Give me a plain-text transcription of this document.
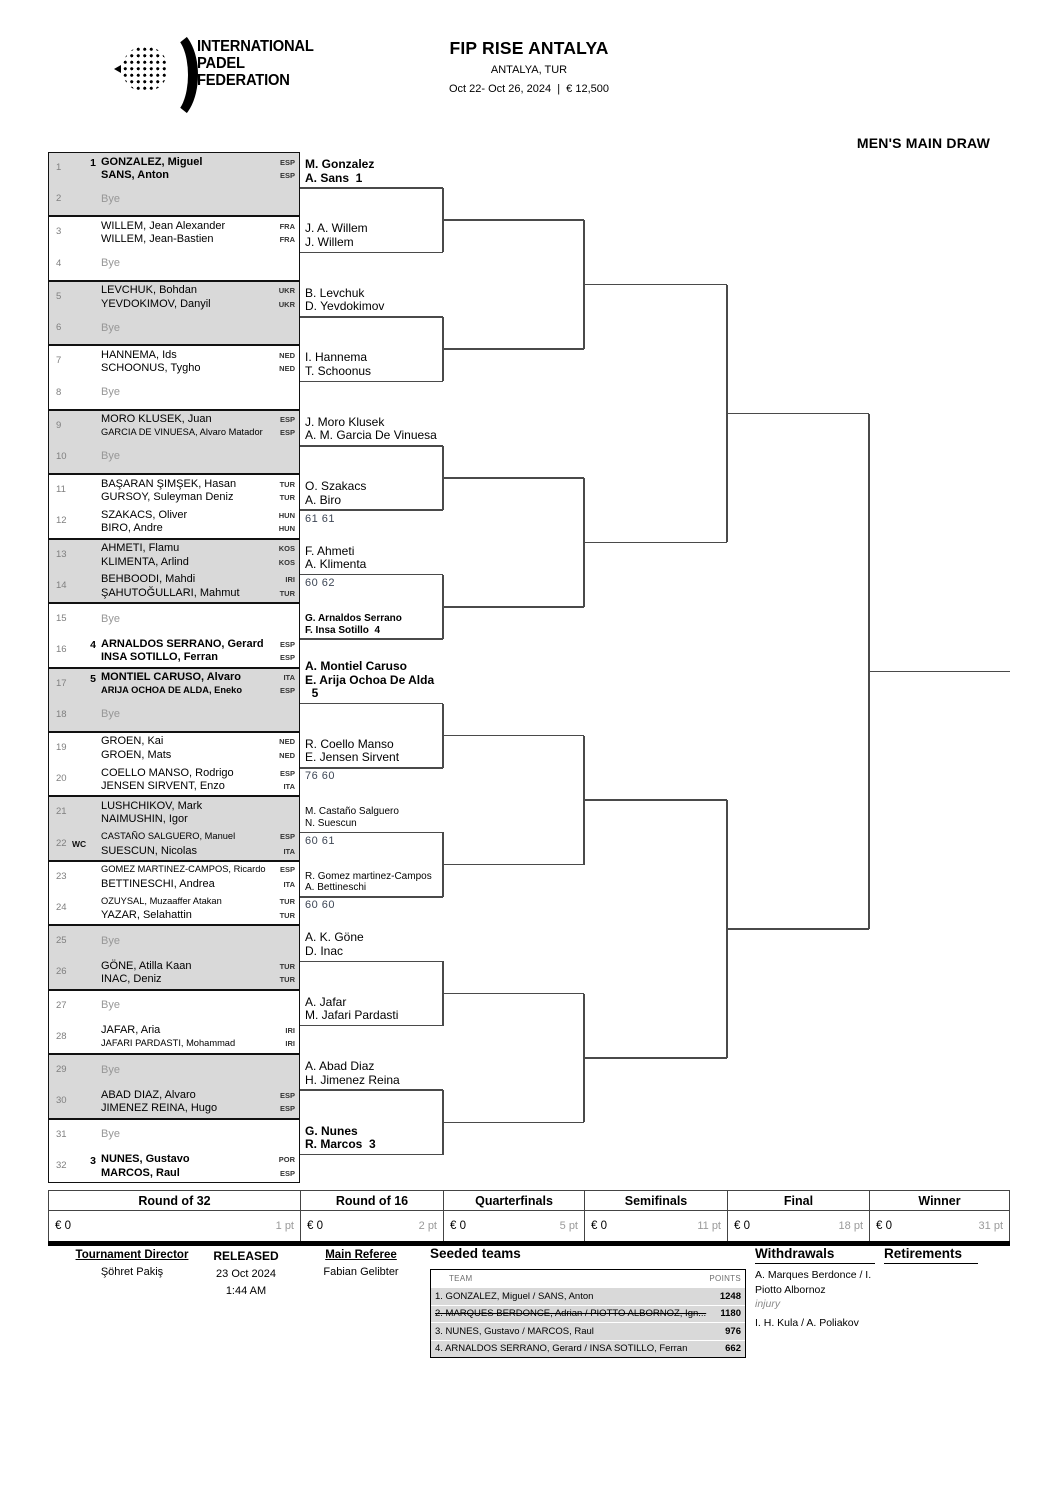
INTERNATIONAL
PADEL
FEDERATION
FIP RISE ANTALYA
ANTALYA, TUR
Oct 22- Oct 26, 2024  |  € 12,500
MEN'S MAIN DRAW
1	1 GONZALEZ, Miguel	ESP
SANS, Anton	ESP
2	Bye
3	WILLEM, Jean Alexander	FRA
WILLEM, Jean-Bastien	FRA
4	Bye
5	LEVCHUK, Bohdan	UKR
YEVDOKIMOV, Danyil	UKR
6	Bye
7	HANNEMA, Ids	NED
SCHOONUS, Tygho	NED
8	Bye
9	MORO KLUSEK, Juan	ESP
GARCIA DE VINUESA, Alvaro Matador	ESP
10	Bye
11	BAŞARAN ŞIMŞEK, Hasan	TUR
GURSOY, Suleyman Deniz	TUR
12	SZAKACS, Oliver	HUN
BIRO, Andre	HUN
13	AHMETI, Flamu	KOS
KLIMENTA, Arlind	KOS
14	BEHBOODI, Mahdi	IRI
ŞAHUTOĞULLARI, Mahmut	TUR
15	Bye
16	4 ARNALDOS SERRANO, Gerard	ESP
INSA SOTILLO, Ferran	ESP
17	5 MONTIEL CARUSO, Alvaro	ITA
ARIJA OCHOA DE ALDA, Eneko	ESP
18	Bye
19	GROEN, Kai	NED
GROEN, Mats	NED
20	COELLO MANSO, Rodrigo	ESP
JENSEN SIRVENT, Enzo	ITA
21	LUSHCHIKOV, Mark
NAIMUSHIN, Igor
22 WC
CASTAÑO SALGUERO, Manuel	ESP
SUESCUN, Nicolas	ITA
23
GOMEZ MARTINEZ-CAMPOS, Ricardo	ESP
BETTINESCHI, Andrea	ITA
24
OZUYSAL, Muzaaffer Atakan	TUR
YAZAR, Selahattin	TUR
25	Bye
26	GÖNE, Atilla Kaan	TUR
INAC, Deniz	TUR
27	Bye
28	JAFAR, Aria	IRI
JAFARI PARDASTI, Mohammad	IRI
29	Bye
30	ABAD DIAZ, Alvaro	ESP
JIMENEZ REINA, Hugo	ESP
31	Bye
32	3 NUNES, Gustavo	POR
MARCOS, Raul	ESP
M. Gonzalez
A. Sans  1
J. A. Willem
J. Willem
B. Levchuk
D. Yevdokimov
I. Hannema
T. Schoonus
J. Moro Klusek
A. M. Garcia De Vinuesa
O. Szakacs
A. Biro
61 61
F. Ahmeti
A. Klimenta
60 62
G. Arnaldos Serrano
F. Insa Sotillo  4
A. Montiel Caruso
E. Arija Ochoa De Alda
5
R. Coello Manso
E. Jensen Sirvent
76 60
M. Castaño Salguero
N. Suescun
60 61
R. Gomez martinez-Campos
A. Bettineschi
60 60
A. K. Göne
D. Inac
A. Jafar
M. Jafari Pardasti
A. Abad Diaz
H. Jimenez Reina
G. Nunes
R. Marcos  3
Round of 32
€ 0	1 pt
Round of 16
€ 0	2 pt
Quarterfinals
€ 0	5 pt
Semifinals
€ 0	11 pt
Final
€ 0	18 pt
Winner
€ 0	31 pt
Tournament Director
Şöhret Pakiş
RELEASED
23 Oct 2024
1:44 AM
Main Referee
Fabian Gelibter
Seeded teams
TEAM	POINTS
1. GONZALEZ, Miguel / SANS, Anton	1248
2. MARQUES BERDONCE, Adrian / PIOTTO ALBORNOZ, Ign...	1180
3. NUNES, Gustavo / MARCOS, Raul	976
4. ARNALDOS SERRANO, Gerard / INSA SOTILLO, Ferran	662
Withdrawals
A. Marques Berdonce / I. Piotto Albornoz
injury
I. H. Kula / A. Poliakov
Retirements
